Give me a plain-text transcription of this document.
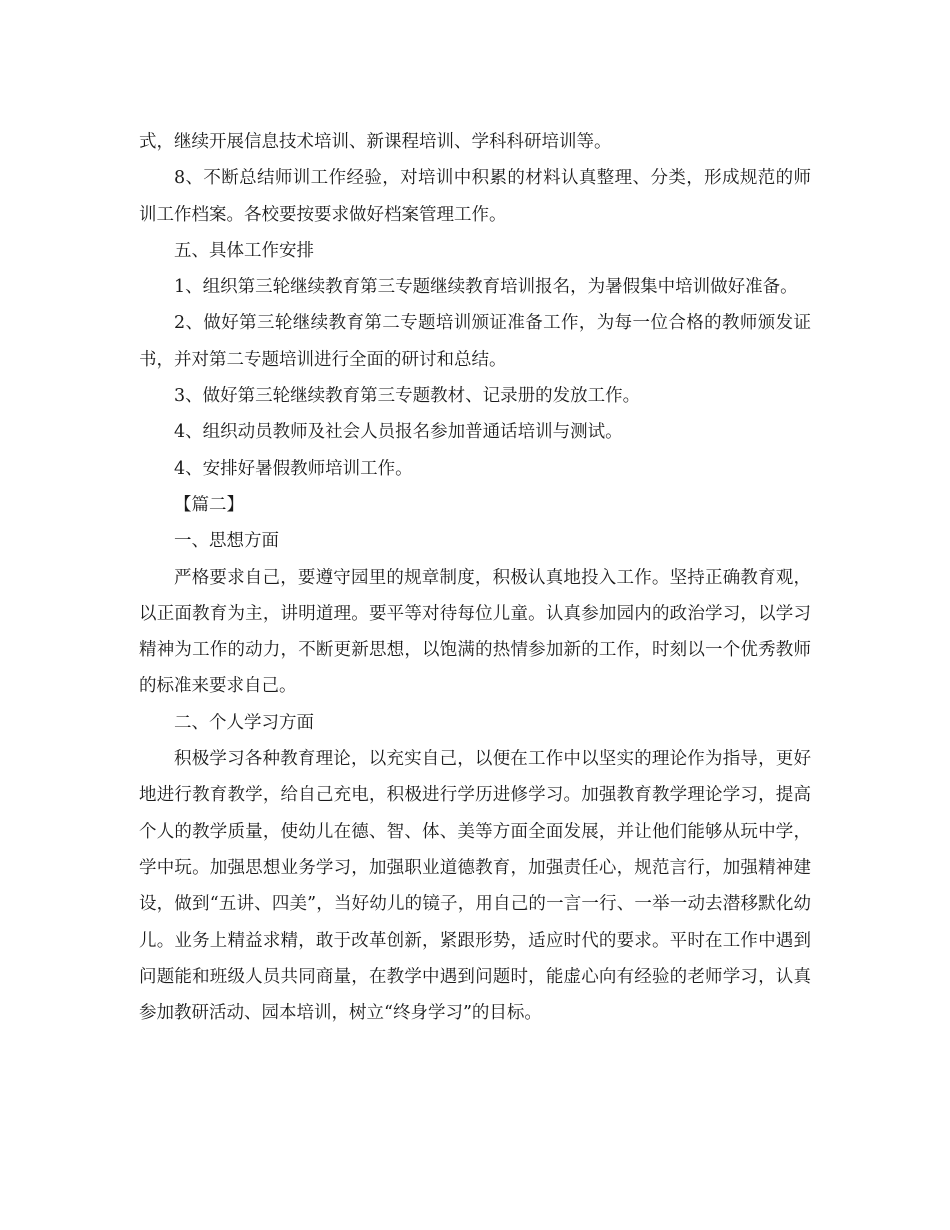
式，继续开展信息技术培训、新课程培训、学科科研培训等。

8、不断总结师训工作经验，对培训中积累的材料认真整理、分类，形成规范的师训工作档案。各校要按要求做好档案管理工作。

五、具体工作安排

1、组织第三轮继续教育第三专题继续教育培训报名，为暑假集中培训做好准备。

2、做好第三轮继续教育第二专题培训颁证准备工作，为每一位合格的教师颁发证书，并对第二专题培训进行全面的研讨和总结。

3、做好第三轮继续教育第三专题教材、记录册的发放工作。

4、组织动员教师及社会人员报名参加普通话培训与测试。

4、安排好暑假教师培训工作。

【篇二】

一、思想方面

严格要求自己，要遵守园里的规章制度，积极认真地投入工作。坚持正确教育观，以正面教育为主，讲明道理。要平等对待每位儿童。认真参加园内的政治学习，以学习精神为工作的动力，不断更新思想，以饱满的热情参加新的工作，时刻以一个优秀教师的标准来要求自己。

二、个人学习方面

积极学习各种教育理论，以充实自己，以便在工作中以坚实的理论作为指导，更好地进行教育教学，给自己充电，积极进行学历进修学习。加强教育教学理论学习，提高个人的教学质量，使幼儿在德、智、体、美等方面全面发展，并让他们能够从玩中学，学中玩。加强思想业务学习，加强职业道德教育，加强责任心，规范言行，加强精神建设，做到“五讲、四美”，当好幼儿的镜子，用自己的一言一行、一举一动去潜移默化幼儿。业务上精益求精，敢于改革创新，紧跟形势，适应时代的要求。平时在工作中遇到问题能和班级人员共同商量，在教学中遇到问题时，能虚心向有经验的老师学习，认真参加教研活动、园本培训，树立“终身学习”的目标。
